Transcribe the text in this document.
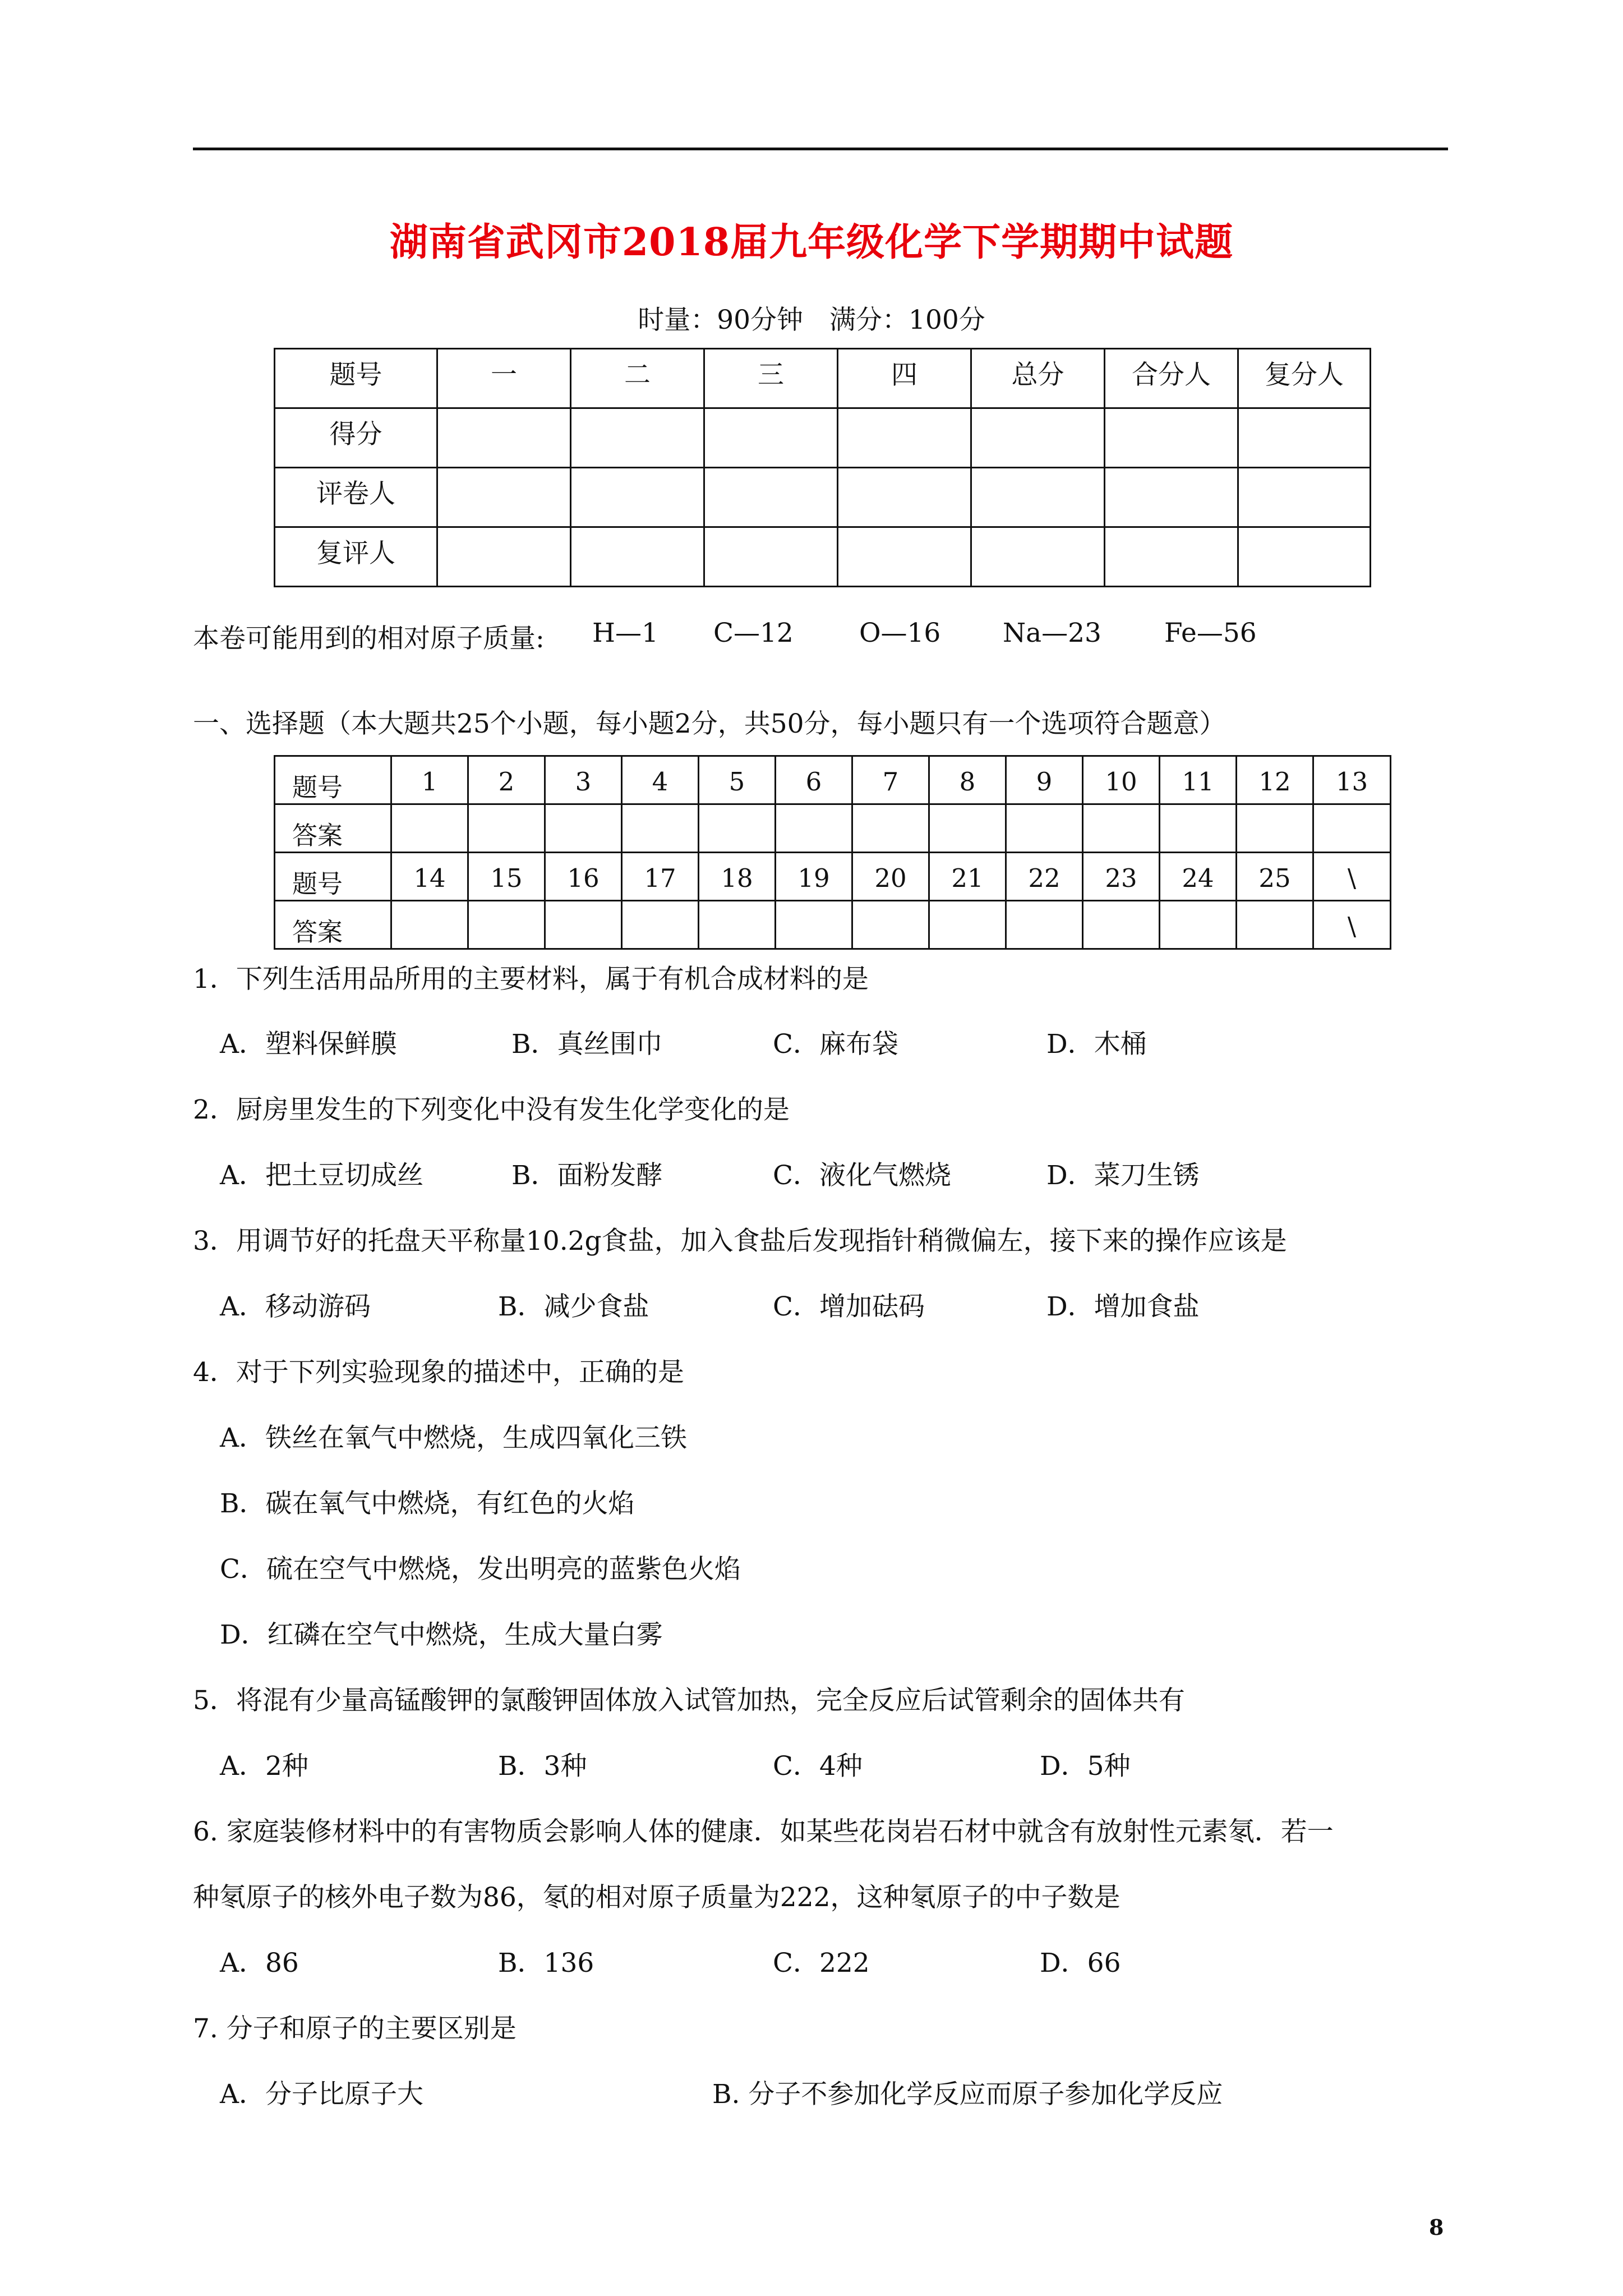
湖南省武冈市2018届九年级化学下学期期中试题
时量：90分钟　满分：100分
题号	一	二	三	四	总分	合分人	复分人
得分							
评卷人							
复评人							
本卷可能用到的相对原子质量: H—1 C—12 O—16 Na—23 Fe—56
一、选择题（本大题共25个小题，每小题2分，共50分，每小题只有一个选项符合题意）
题号	1	2	3	4	5	6	7	8	9	10	11	12	13
答案													
题号	14	15	16	17	18	19	20	21	22	23	24	25	\
答案													\
1．下列生活用品所用的主要材料，属于有机合成材料的是
A．塑料保鲜膜	B．真丝围巾	C．麻布袋	D．木桶
2．厨房里发生的下列变化中没有发生化学变化的是
A．把土豆切成丝	B．面粉发酵	C．液化气燃烧	D．菜刀生锈
3．用调节好的托盘天平称量10.2g食盐，加入食盐后发现指针稍微偏左，接下来的操作应该是
A．移动游码	B．减少食盐	C．增加砝码	D．增加食盐
4．对于下列实验现象的描述中，正确的是
A．铁丝在氧气中燃烧，生成四氧化三铁
B．碳在氧气中燃烧，有红色的火焰
C．硫在空气中燃烧，发出明亮的蓝紫色火焰
D．红磷在空气中燃烧，生成大量白雾
5．将混有少量高锰酸钾的氯酸钾固体放入试管加热，完全反应后试管剩余的固体共有
A．2种	B．3种	C．4种	D．5种
6. 家庭装修材料中的有害物质会影响人体的健康．如某些花岗岩石材中就含有放射性元素氡．若一
种氡原子的核外电子数为86，氡的相对原子质量为222，这种氡原子的中子数是
A．86	B．136	C．222	D．66
7. 分子和原子的主要区别是
A．分子比原子大	B. 分子不参加化学反应而原子参加化学反应
8
